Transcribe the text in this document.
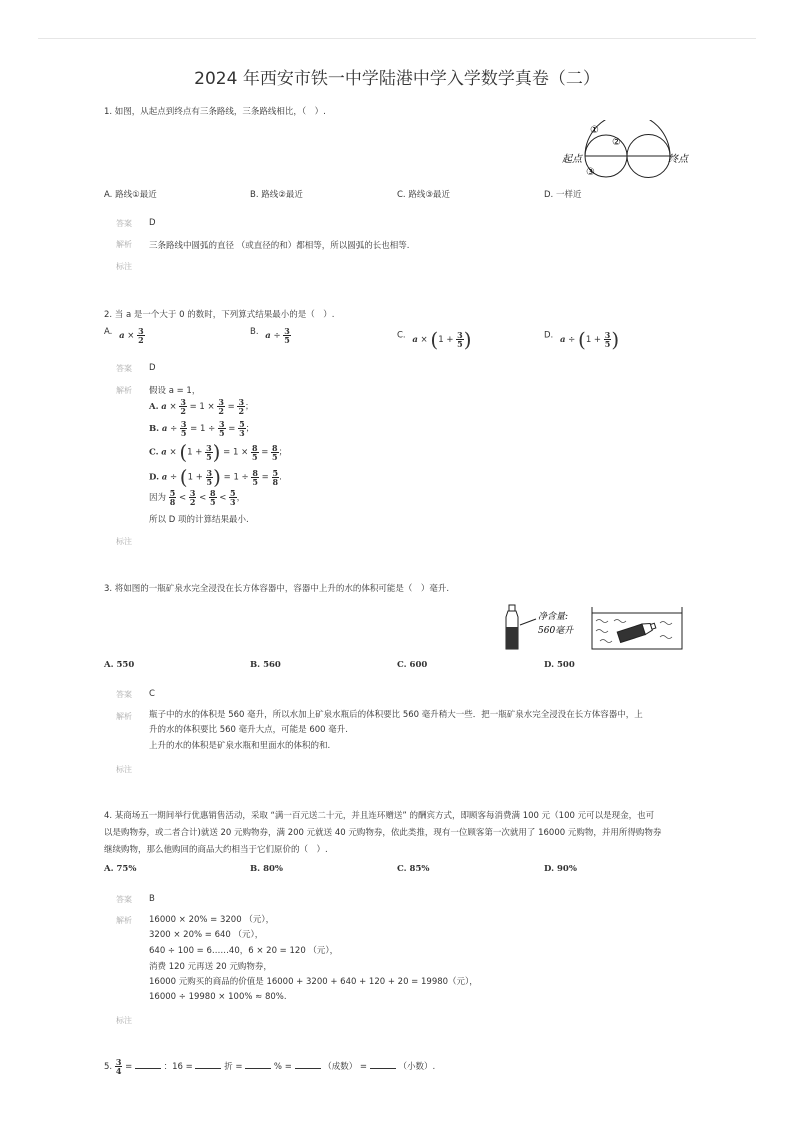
2024 年西安市铁一中学陆港中学入学数学真卷（二）
1. 如图，从起点到终点有三条路线，三条路线相比，（　）.
起点	终点
①
②
③
A. 路线①最近	B. 路线②最近	C. 路线③最近	D. 一样近
答案 D
解析 三条路线中圆弧的直径 （或直径的和）都相等，所以圆弧的长也相等.
标注
2. 当 a 是一个大于 0 的数时，下列算式结果最小的是（　）.
A. $a \times \frac{3}{2}$	B. $a \div \frac{3}{5}$	C. $a \times (1 + \frac{3}{5}$ )	D. $a \div (1 + \frac{3}{5}$ )
答案 D
解析 假设 a = 1，
A. $a \times \frac{3}{2} = 1 \times \frac{3}{2} = \frac{3}{2}$ ；
B. $a \div \frac{3}{5} = 1 \div \frac{3}{5} = \frac{5}{3}$ ；
C. $a \times (1 + \frac{3}{5}$ ) = $1 \times \frac{8}{5} = \frac{8}{5}$ ；
D. $a \div (1 + \frac{3}{5}$ ) = $1 \div \frac{8}{5} = \frac{5}{8}$ .
因为 $\frac{5}{8} < \frac{3}{2} < \frac{8}{5} < \frac{5}{3}$ ，
所以 D 项的计算结果最小.
标注
3. 将如图的一瓶矿泉水完全浸没在长方体容器中，容器中上升的水的体积可能是（　）毫升.
净含量:
560毫升
A. 550	B. 560	C. 600	D. 500
答案 C
解析 瓶子中的水的体积是 560 毫升，所以水加上矿泉水瓶后的体积要比 560 毫升稍大一些．把一瓶矿泉水完全浸没在长方体容器中，上
升的水的体积要比 560 毫升大点，可能是 600 毫升.
上升的水的体积是矿泉水瓶和里面水的体积的和.
标注
4. 某商场五一期间举行优惠销售活动，采取 “满一百元送二十元，并且连环赠送” 的酬宾方式，即顾客每消费满 100 元（100 元可以是现金，也可
以是购物券，或二者合计)就送 20 元购物券，满 200 元就送 40 元购物券，依此类推，现有一位顾客第一次就用了 16000 元购物，并用所得购物券
继续购物，那么他购回的商品大约相当于它们原价的（　）.
A. 75%	B. 80%	C. 85%	D. 90%
答案 B
解析 16000 × 20% = 3200 （元），
3200 × 20% = 640 （元），
640 ÷ 100 = 6……40，6 × 20 = 120 （元），
消费 120 元再送 20 元购物券，
16000 元购买的商品的价值是 16000 + 3200 + 640 + 120 + 20 = 19980（元），
16000 ÷ 19980 × 100% ≈ 80%.
标注
5. $\frac{3}{4}$ =	：16 =	折 =	% =	（成数） =	（小数）.
